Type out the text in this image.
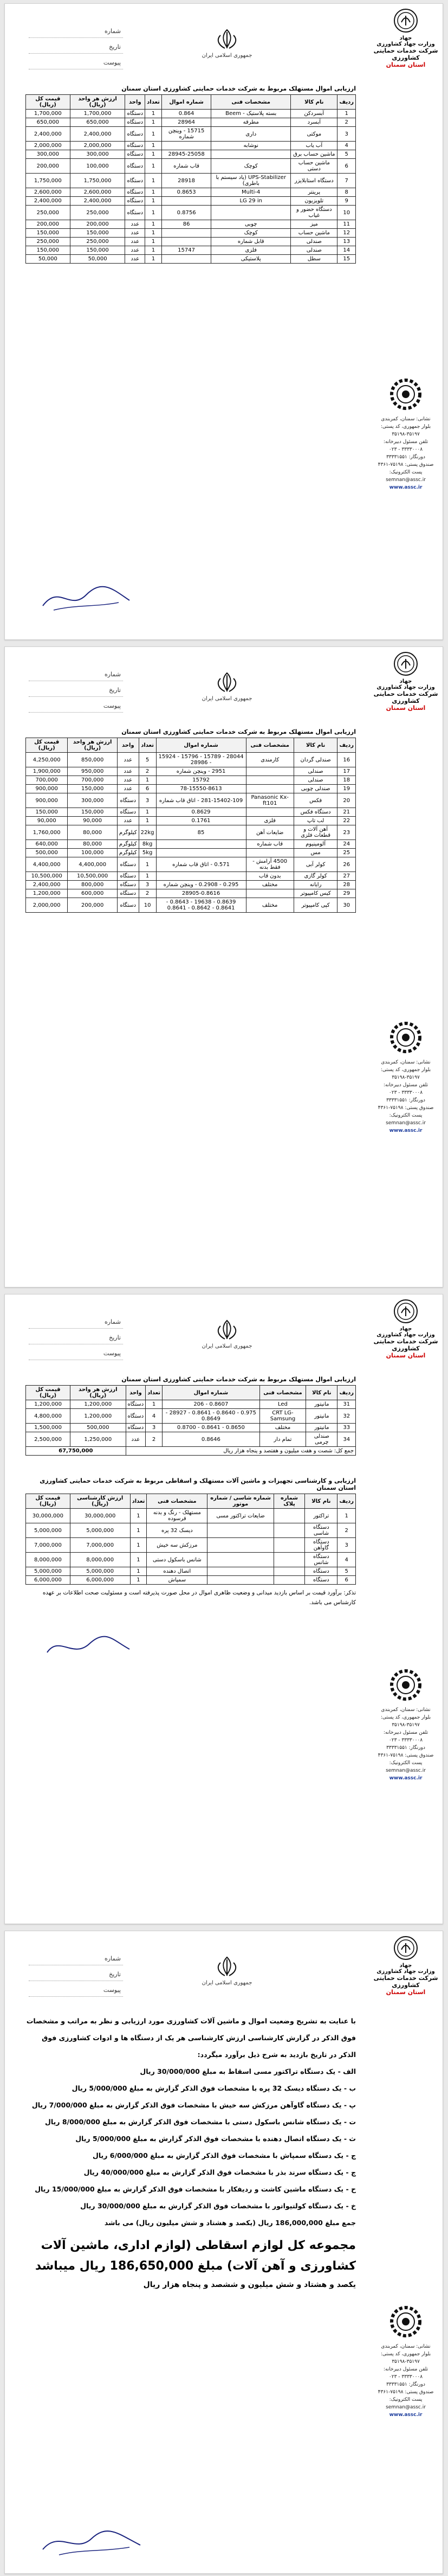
شماره
تاریخ
پیوست
جمهوری اسلامی ایران
جهاد
وزارت جهاد کشاورزی
شرکت خدمات حمایتی کشاورزی
استان سمنان
نشانی: سمنان، کمربندی
بلوار جمهوری، کد پستی:
۳۵۱۹۸-۳۵۱۹۷
تلفن مسئول دبیرخانه:
۳۳۳۳۰۰۰۸ - ۰۲۳
دورنگار: ۳۳۳۳۱۵۵۱
صندوق پستی: ۷۵۱۹۸-۴۳۶۱
پست الکترونیک:
semnan@assc.ir
www.assc.ir
ارزیابی اموال مستهلک مربوط به شرکت خدمات حمایتی کشاورزی استان سمنان
ردیف	نام کالا	مشخصات فنی	شماره اموال	تعداد	واحد	ارزش هر واحد (ریال)	قیمت کل (ریال)
1	آبسردکن	بسته پلاستیک - Beem	0.864	1	دستگاه	1,700,000	1,700,000
2	آبسرد	مطرقه	28964	1	دستگاه	650,000	650,000
3	موکتی	داری	15715 - وینچن شماره	1	دستگاه	2,400,000	2,400,000
4	آب یاب	نوشابه		1	دستگاه	2,000,000	2,000,000
5	ماشین حساب برق		28945-25058	1	دستگاه	300,000	300,000
6	ماشین حساب دستی	کوچک	قاب شماره	1	دستگاه	100,000	200,000
7	دستگاه استابلایزر	UPS-Stabilizer (یاد سیستم با باطری)	28918	1	دستگاه	1,750,000	1,750,000
8	پرینتر	Multi-4	0.8653	1	دستگاه	2,600,000	2,600,000
9	تلویزیون	LG 29 in		1	دستگاه	2,400,000	2,400,000
10	دستگاه حضور و غیاب		0.8756	1	دستگاه	250,000	250,000
11	میز	چوبی	86	1	عدد	200,000	200,000
12	ماشین حساب	کوچک		1	عدد	150,000	150,000
13	صندلی	قابل شماره		1	عدد	250,000	250,000
14	صندلی	فلزی	15747	1	عدد	150,000	150,000
15	سطل	پلاستیکی		1	عدد	50,000	50,000
شماره
تاریخ
پیوست
جمهوری اسلامی ایران
جهاد
وزارت جهاد کشاورزی
شرکت خدمات حمایتی کشاورزی
استان سمنان
نشانی: سمنان، کمربندی
بلوار جمهوری، کد پستی:
۳۵۱۹۸-۳۵۱۹۷
تلفن مسئول دبیرخانه:
۳۳۳۳۰۰۰۸ - ۰۲۳
دورنگار: ۳۳۳۳۱۵۵۱
صندوق پستی: ۷۵۱۹۸-۴۳۶۱
پست الکترونیک:
semnan@assc.ir
www.assc.ir
ارزیابی اموال مستهلک مربوط به شرکت خدمات حمایتی کشاورزی استان سمنان
ردیف	نام کالا	مشخصات فنی	شماره اموال	تعداد	واحد	ارزش هر واحد (ریال)	قیمت کل (ریال)
16	صندلی گردان	کارمندی	28044 - 15789 - 15796 - 15924 - 28986	5	عدد	850,000	4,250,000
17	صندلی		2951 - وینچن شماره	2	عدد	950,000	1,900,000
18	صندلی		15792	1	عدد	700,000	700,000
19	صندلی چوبی		78-15550-8613	6	عدد	150,000	900,000
20	فکس	Panasonic Kx-ft101	281-15402-109 - اتاق قاب شماره	3	دستگاه	300,000	900,000
21	دستگاه فکس		0.8629	1	دستگاه	150,000	150,000
22	لب تاپ	فلزی	0.1761	1	عدد	90,000	90,000
23	آهن آلات و قطعات فلزی	ضایعات آهن	85	22kg	کیلوگرم	80,000	1,760,000
24	آلومینیوم	قاب شماره		8kg	کیلوگرم	80,000	640,000
25	مس			5kg	کیلوگرم	100,000	500,000
26	کولر آبی	4500 آرامش - فقط بدنه	0.571 - اتاق قاب شماره	1	دستگاه	4,400,000	4,400,000
27	کولر گازی	بدون قاب		1	دستگاه	10,500,000	10,500,000
28	رایانه	مختلف	0.295 - 0.2908 - وینچن شماره	3	دستگاه	800,000	2,400,000
29	کیس کامپیوتر		28905-0.8616	2	دستگاه	600,000	1,200,000
30	کپی کامپیوتر	مختلف	0.8639 - 19638 - 0.8643 - 0.8641 - 0.8642 - 0.8641	10	دستگاه	200,000	2,000,000
شماره
تاریخ
پیوست
جمهوری اسلامی ایران
جهاد
وزارت جهاد کشاورزی
شرکت خدمات حمایتی کشاورزی
استان سمنان
نشانی: سمنان، کمربندی
بلوار جمهوری، کد پستی:
۳۵۱۹۸-۳۵۱۹۷
تلفن مسئول دبیرخانه:
۳۳۳۳۰۰۰۸ - ۰۲۳
دورنگار: ۳۳۳۳۱۵۵۱
صندوق پستی: ۷۵۱۹۸-۴۳۶۱
پست الکترونیک:
semnan@assc.ir
www.assc.ir
ارزیابی اموال مستهلک مربوط به شرکت خدمات حمایتی کشاورزی استان سمنان
ردیف	نام کالا	مشخصات فنی	شماره اموال	تعداد	واحد	ارزش هر واحد (ریال)	قیمت کل (ریال)
31	مانیتور	Led	0.8607 - 206	1	دستگاه	1,200,000	1,200,000
32	مانیتور	CRT LG-Samsung	0.975 - 0.8640 - 0.8641 - 28927 - 0.8649	4	دستگاه	1,200,000	4,800,000
33	مانیتور	مختلف	0.8650 - 0.8641 - 0.8700	3	دستگاه	500,000	1,500,000
34	صندلی چرمی	تمام دار	0.8646	2	عدد	1,250,000	2,500,000
جمع کل: شصت و هفت میلیون و هفتصد و پنجاه هزار ریال						67,750,000	
ارزیابی و کارشناسی تجهیزات و ماشین آلات مستهلک و اسقاطی مربوط به شرکت خدمات حمایتی کشاورزی استان سمنان
ردیف	نام کالا	شماره پلاک	شماره شاسی / شماره موتور	مشخصات فنی	تعداد	ارزش کارشناسی (ریال)	قیمت کل (ریال)
1	تراکتور		ضایعات تراکتور مسی	مستهلک - رنگ و بدنه فرسوده	1	30,000,000	30,000,000
2	دستگاه شاسی			دیسک 32 پره	1	5,000,000	5,000,000
3	دستگاه گاوآهن			مرزکش سه خیش	1	7,000,000	7,000,000
4	دستگاه شانس			شانس باسکول دستی	1	8,000,000	8,000,000
5	دستگاه			اتصال دهنده	1	5,000,000	5,000,000
6	دستگاه			سمپاش	1	6,000,000	6,000,000
تذکر: برآورد قیمت بر اساس بازدید میدانی و وضعیت ظاهری اموال در محل صورت پذیرفته است و مسئولیت صحت اطلاعات بر عهده کارشناس می باشد.
شماره
تاریخ
پیوست
جمهوری اسلامی ایران
جهاد
وزارت جهاد کشاورزی
شرکت خدمات حمایتی کشاورزی
استان سمنان
نشانی: سمنان، کمربندی
بلوار جمهوری، کد پستی:
۳۵۱۹۸-۳۵۱۹۷
تلفن مسئول دبیرخانه:
۳۳۳۳۰۰۰۸ - ۰۲۳
دورنگار: ۳۳۳۳۱۵۵۱
صندوق پستی: ۷۵۱۹۸-۴۳۶۱
پست الکترونیک:
semnan@assc.ir
www.assc.ir

با عنایت به تشریح وضعیت اموال و ماشین آلات کشاورزی مورد ارزیابی و نظر به مراتب و مشخصات فوق الذکر در گزارش کارشناسی ارزش کارشناسی هر یک از دستگاه ها و ادوات کشاورزی فوق الذکر در تاریخ بازدید به شرح ذیل برآورد میگردد:

الف - یک دستگاه تراکتور مسی اسقاط به مبلغ 30/000/000 ریال

ب - یک دستگاه دیسک 32 پره با مشخصات فوق الذکر گزارش به مبلغ 5/000/000 ریال

پ - یک دستگاه گاوآهن مرزکش سه خیش با مشخصات فوق الذکر گزارش به مبلغ 7/000/000 ریال

ت - یک دستگاه شانس باسکول دستی با مشخصات فوق الذکر گزارش به مبلغ 8/000/000 ریال

ث - یک دستگاه اتصال دهنده با مشخصات فوق الذکر گزارش به مبلغ 5/000/000 ریال

ج - یک دستگاه سمپاش با مشخصات فوق الذکر گزارش به مبلغ 6/000/000 ریال

چ - یک دستگاه سرند بذر با مشخصات فوق الذکر گزارش به مبلغ 40/000/000 ریال

ح - یک دستگاه ماشین کاشت و ردیفکار با مشخصات فوق الذکر گزارش به مبلغ 15/000/000 ریال

خ - یک دستگاه کولتیواتور با مشخصات فوق الذکر گزارش به مبلغ 30/000/000 ریال

جمع مبلغ 186,000,000 ریال (یکصد و هشتاد و شش میلیون ریال) می باشد

مجموعه کل لوازم اسقاطی (لوازم اداری، ماشین آلات
کشاورزی و آهن آلات) مبلغ 186,650,000 ریال میباشد
یکصد و هشتاد و شش میلیون و ششصد و پنجاه هزار ریال
